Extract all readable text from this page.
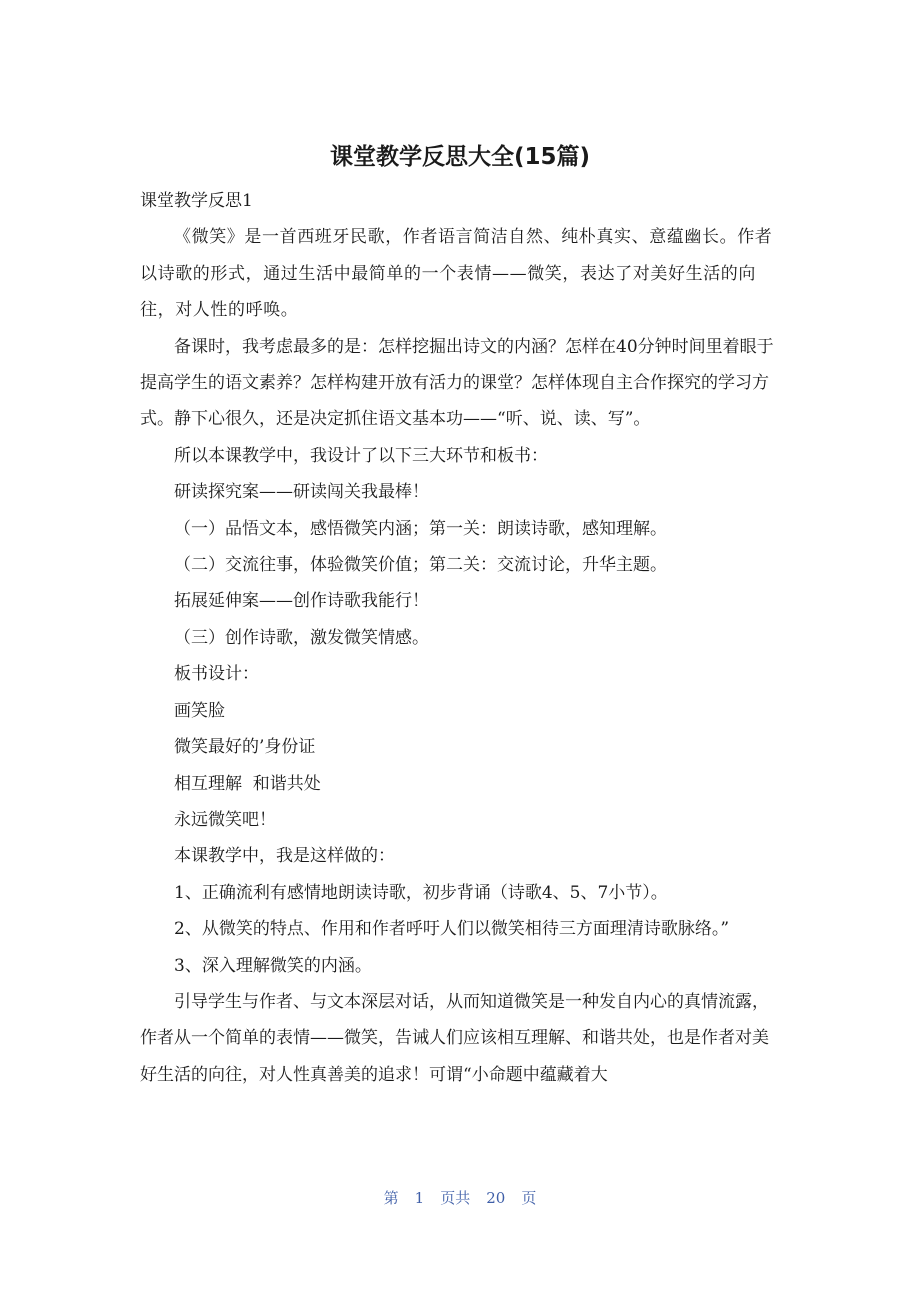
课堂教学反思大全(15篇)

课堂教学反思1

《微笑》是一首西班牙民歌，作者语言简洁自然、纯朴真实、意蕴幽长。作者以诗歌的形式，通过生活中最简单的一个表情——微笑，表达了对美好生活的向往，对人性的呼唤。

备课时，我考虑最多的是：怎样挖掘出诗文的内涵？怎样在40分钟时间里着眼于提高学生的语文素养？怎样构建开放有活力的课堂？怎样体现自主合作探究的学习方式。静下心很久，还是决定抓住语文基本功——“听、说、读、写”。

所以本课教学中，我设计了以下三大环节和板书：

研读探究案——研读闯关我最棒！

（一）品悟文本，感悟微笑内涵；第一关：朗读诗歌，感知理解。

（二）交流往事，体验微笑价值；第二关：交流讨论，升华主题。

拓展延伸案——创作诗歌我能行！

（三）创作诗歌，激发微笑情感。

板书设计：

画笑脸

微笑最好的’身份证

相互理解  和谐共处

永远微笑吧！

本课教学中，我是这样做的：

1、正确流利有感情地朗读诗歌，初步背诵（诗歌4、5、7小节）。

2、从微笑的特点、作用和作者呼吁人们以微笑相待三方面理清诗歌脉络。”

3、深入理解微笑的内涵。

引导学生与作者、与文本深层对话，从而知道微笑是一种发自内心的真情流露，作者从一个简单的表情——微笑，告诫人们应该相互理解、和谐共处，也是作者对美好生活的向往，对人性真善美的追求！可谓“小命题中蕴藏着大

第 1 页共 20 页
